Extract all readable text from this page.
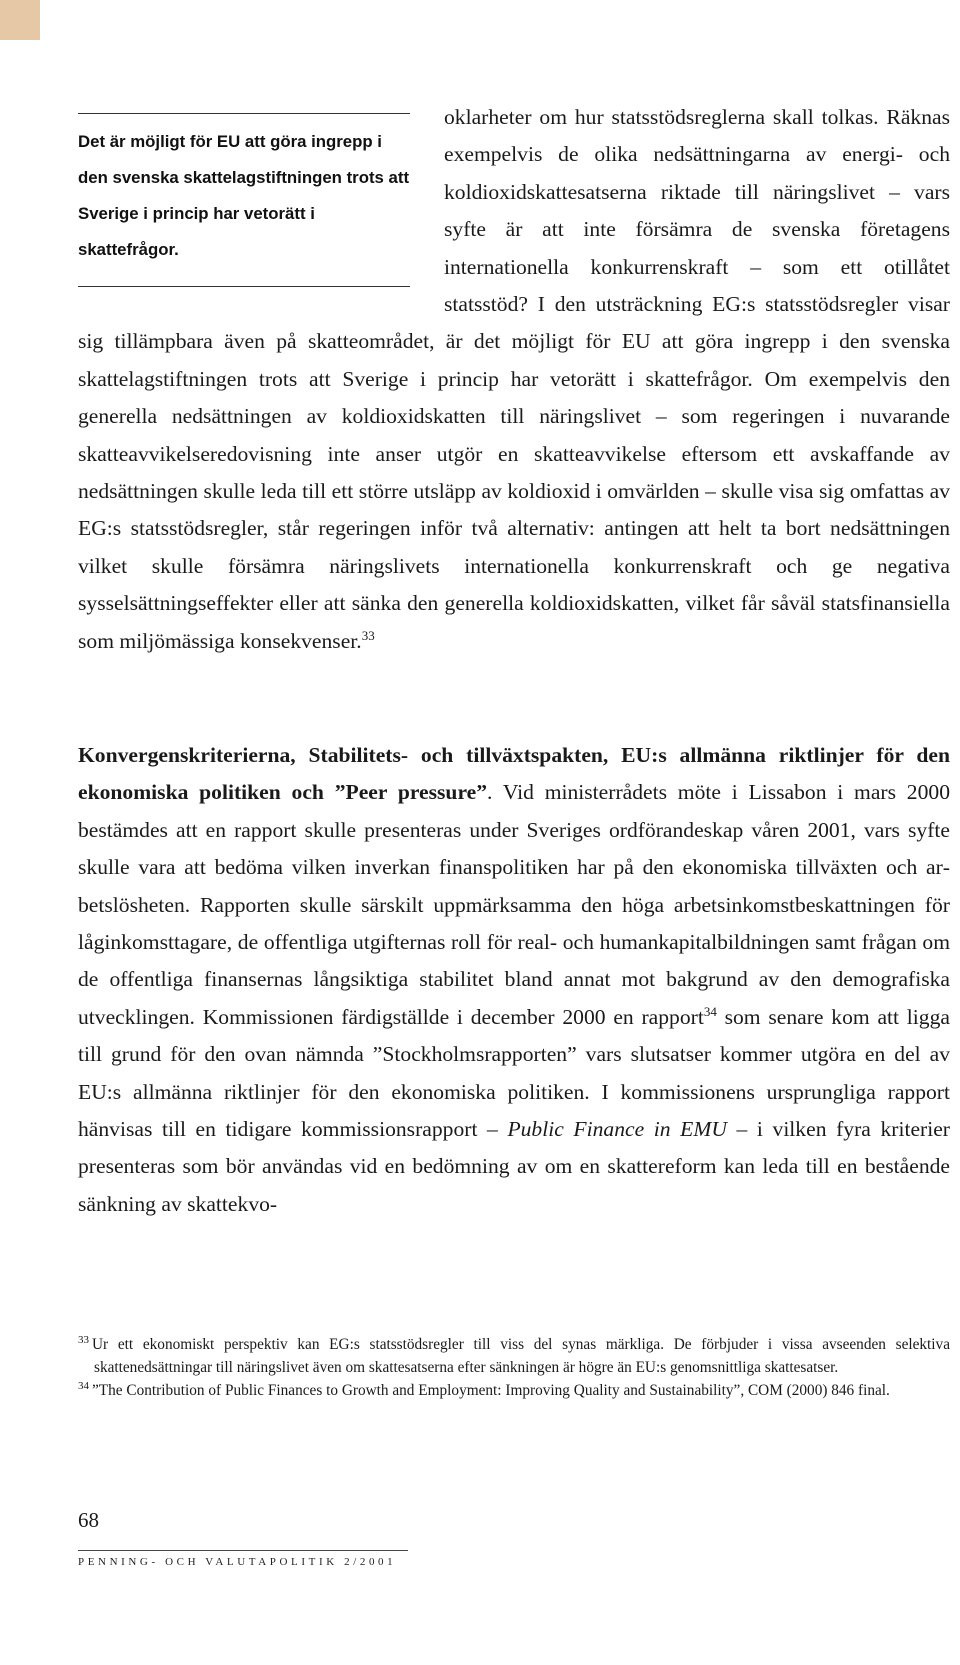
Det är möjligt för EU att göra ingrepp i den svenska skattelagstiftningen trots att Sverige i princip har vetorätt i skattefrågor.
oklarheter om hur statsstödsreglerna skall tolkas. Räknas exempelvis de olika nedsättningarna av energi- och koldioxidskattesatserna riktade till näringslivet – vars syfte är att inte försämra de svenska företagens internationella konkurrenskraft – som ett otillåtet statsstöd? I den utsträckning EG:s statsstödsregler visar sig tillämpbara även på skatteområdet, är det möjligt för EU att göra ingrepp i den svenska skattelagstiftningen trots att Sverige i princip har vetorätt i skattefrågor. Om exempelvis den generella nedsättningen av koldioxidskatten till näringslivet – som regeringen i nuvarande skatteavvikelseredovisning inte anser utgör en skatteavvikelse eftersom ett avskaffande av nedsättningen skulle leda till ett större utsläpp av koldioxid i omvärlden – skulle visa sig omfattas av EG:s statsstödsregler, står regeringen inför två alternativ: antingen att helt ta bort nedsättningen vilket skulle försämra näringslivets internationella konkurrenskraft och ge negativa sysselsättningseffekter eller att sänka den generella koldioxidskatten, vilket får såväl statsfinansiella som miljömässiga konsekvenser.$^{33}$
Konvergenskriterierna, Stabilitets- och tillväxtspakten, EU:s allmänna riktlinjer för den ekonomiska politiken och ”Peer pressure”. Vid ministerrådets möte i Lissabon i mars 2000 bestämdes att en rapport skulle presenteras under Sveriges ordförandeskap våren 2001, vars syfte skulle vara att bedöma vilken inverkan finanspolitiken har på den ekonomiska tillväxten och arbetslösheten. Rapporten skulle särskilt uppmärksamma den höga arbetsinkomstbeskattningen för låginkomsttagare, de offentliga utgifternas roll för real- och humankapitalbildningen samt frågan om de offentliga finansernas långsiktiga stabilitet bland annat mot bakgrund av den demografiska utvecklingen. Kommissionen färdigställde i december 2000 en rapport$^{34}$ som senare kom att ligga till grund för den ovan nämnda ”Stockholmsrapporten” vars slutsatser kommer utgöra en del av EU:s allmänna riktlinjer för den ekonomiska politiken. I kommissionens ursprungliga rapport hänvisas till en tidigare kommissionsrapport – Public Finance in EMU – i vilken fyra kriterier presenteras som bör användas vid en bedömning av om en skattereform kan leda till en bestående sänkning av skattekvo-

$^{33}$ Ur ett ekonomiskt perspektiv kan EG:s statsstödsregler till viss del synas märkliga. De förbjuder i vissa avseenden selektiva skattenedsättningar till näringslivet även om skattesatserna efter sänkningen är högre än EU:s genomsnittliga skattesatser.

$^{34}$ ”The Contribution of Public Finances to Growth and Employment: Improving Quality and Sustainability”, COM (2000) 846 final.

68
PENNING- OCH VALUTAPOLITIK 2/2001
